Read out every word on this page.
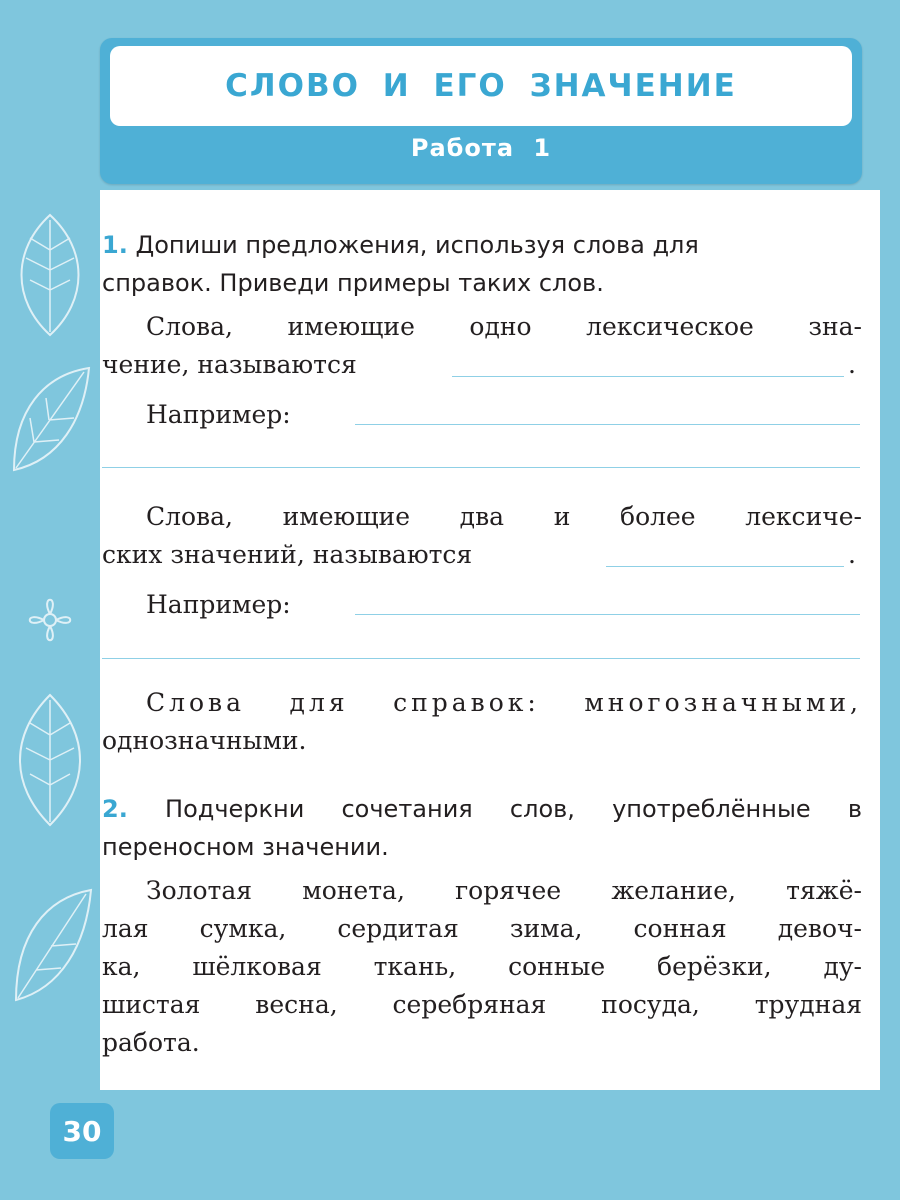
СЛОВО И ЕГО ЗНАЧЕНИЕ
Работа 1
1. Допиши предложения, используя слова для
справок. Приведи примеры таких слов.
Слова, имеющие одно лексическое зна-
чение, называются	.
Например:
Слова, имеющие два и более лексиче-
ских значений, называются	.
Например:
Слова для справок: многозначными,
однозначными.
2. Подчеркни сочетания слов, употреблённые в
переносном значении.
Золотая монета, горячее желание, тяжё-
лая сумка, сердитая зима, сонная девоч-
ка, шёлковая ткань, сонные берёзки, ду-
шистая весна, серебряная посуда, трудная
работа.
30
